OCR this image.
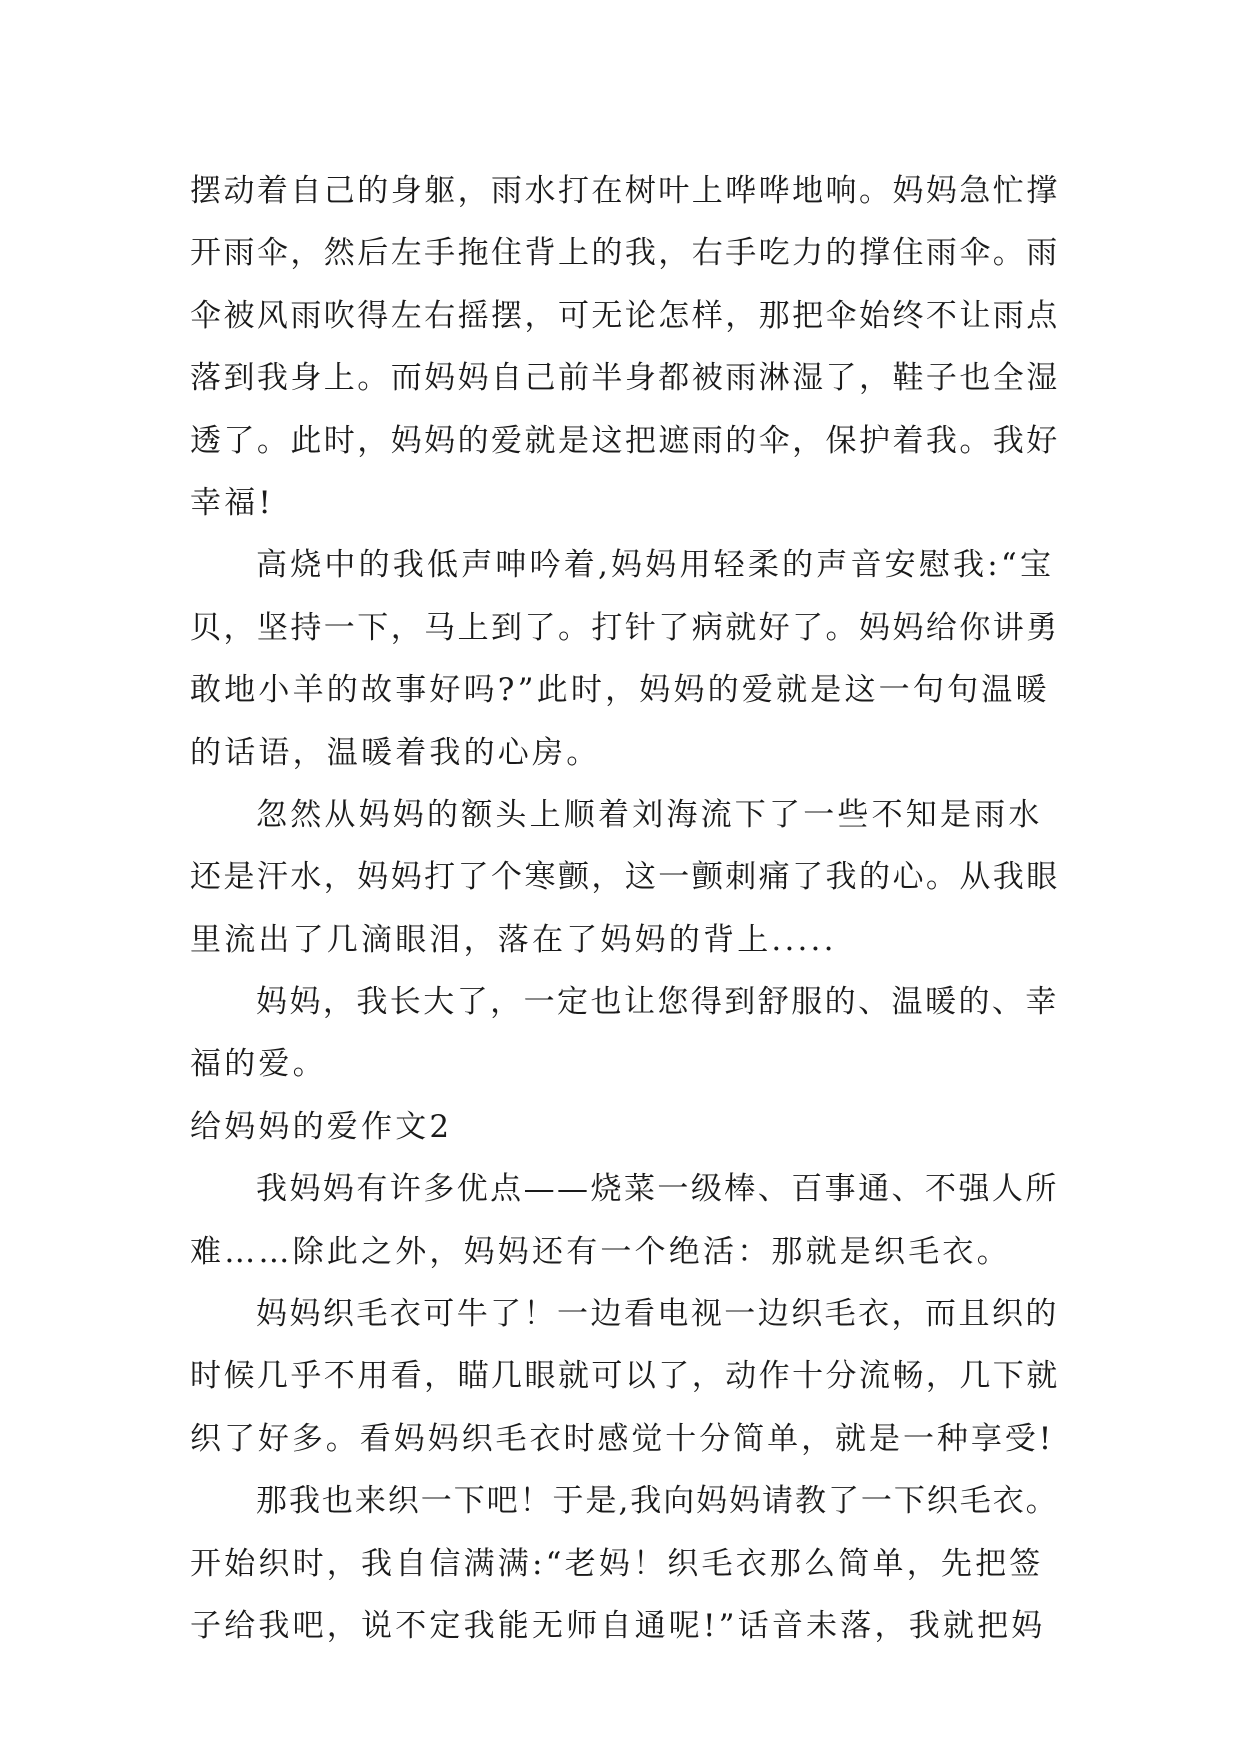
摆动着自己的身躯，雨水打在树叶上哗哗地响。妈妈急忙撑
开雨伞，然后左手拖住背上的我，右手吃力的撑住雨伞。雨
伞被风雨吹得左右摇摆，可无论怎样，那把伞始终不让雨点
落到我身上。而妈妈自己前半身都被雨淋湿了，鞋子也全湿
透了。此时，妈妈的爱就是这把遮雨的伞，保护着我。我好
幸福!
高烧中的我低声呻吟着,妈妈用轻柔的声音安慰我:“宝
贝，坚持一下，马上到了。打针了病就好了。妈妈给你讲勇
敢地小羊的故事好吗?”此时，妈妈的爱就是这一句句温暖
的话语，温暖着我的心房。
忽然从妈妈的额头上顺着刘海流下了一些不知是雨水
还是汗水，妈妈打了个寒颤，这一颤刺痛了我的心。从我眼
里流出了几滴眼泪，落在了妈妈的背上.....
妈妈，我长大了，一定也让您得到舒服的、温暖的、幸
福的爱。
给妈妈的爱作文2
我妈妈有许多优点——烧菜一级棒、百事通、不强人所
难……除此之外，妈妈还有一个绝活：那就是织毛衣。
妈妈织毛衣可牛了！一边看电视一边织毛衣，而且织的
时候几乎不用看，瞄几眼就可以了，动作十分流畅，几下就
织了好多。看妈妈织毛衣时感觉十分简单，就是一种享受!
那我也来织一下吧！于是,我向妈妈请教了一下织毛衣。
开始织时，我自信满满:“老妈！织毛衣那么简单，先把签
子给我吧，说不定我能无师自通呢!”话音未落，我就把妈
